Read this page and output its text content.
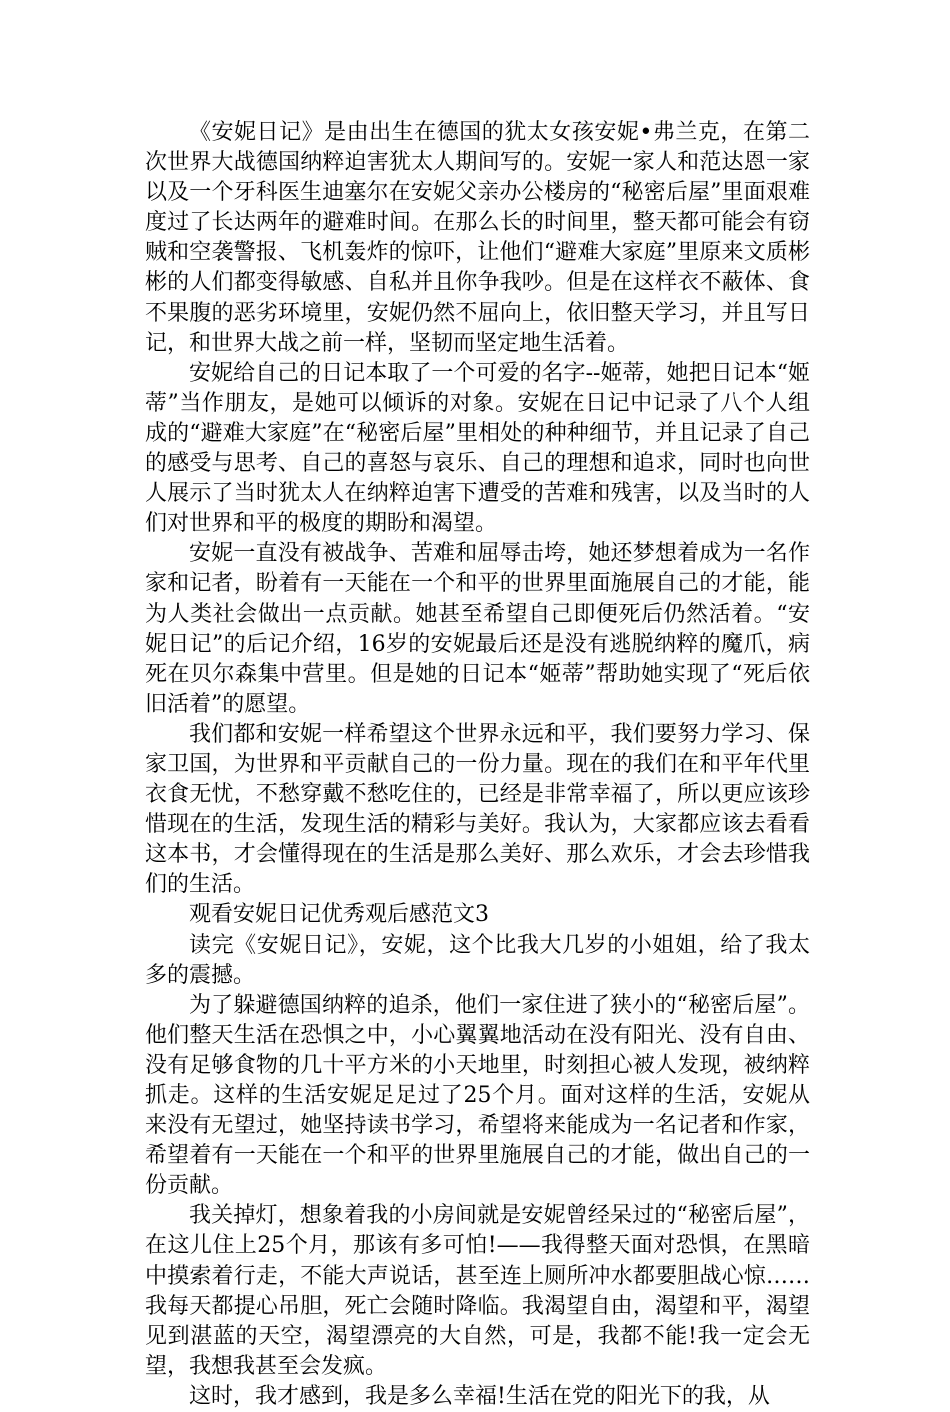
《安妮日记》是由出生在德国的犹太女孩安妮•弗兰克，在第二次世界大战德国纳粹迫害犹太人期间写的。安妮一家人和范达恩一家以及一个牙科医生迪塞尔在安妮父亲办公楼房的“秘密后屋”里面艰难度过了长达两年的避难时间。在那么长的时间里，整天都可能会有窃贼和空袭警报、飞机轰炸的惊吓，让他们“避难大家庭”里原来文质彬彬的人们都变得敏感、自私并且你争我吵。但是在这样衣不蔽体、食不果腹的恶劣环境里，安妮仍然不屈向上，依旧整天学习，并且写日记，和世界大战之前一样，坚韧而坚定地生活着。

安妮给自己的日记本取了一个可爱的名字--姬蒂，她把日记本“姬蒂”当作朋友，是她可以倾诉的对象。安妮在日记中记录了八个人组成的“避难大家庭”在“秘密后屋”里相处的种种细节，并且记录了自己的感受与思考、自己的喜怒与哀乐、自己的理想和追求，同时也向世人展示了当时犹太人在纳粹迫害下遭受的苦难和残害，以及当时的人们对世界和平的极度的期盼和渴望。

安妮一直没有被战争、苦难和屈辱击垮，她还梦想着成为一名作家和记者，盼着有一天能在一个和平的世界里面施展自己的才能，能为人类社会做出一点贡献。她甚至希望自己即便死后仍然活着。“安妮日记”的后记介绍，16岁的安妮最后还是没有逃脱纳粹的魔爪，病死在贝尔森集中营里。但是她的日记本“姬蒂”帮助她实现了“死后依旧活着”的愿望。

我们都和安妮一样希望这个世界永远和平，我们要努力学习、保家卫国，为世界和平贡献自己的一份力量。现在的我们在和平年代里衣食无忧，不愁穿戴不愁吃住的，已经是非常幸福了，所以更应该珍惜现在的生活，发现生活的精彩与美好。我认为，大家都应该去看看这本书，才会懂得现在的生活是那么美好、那么欢乐，才会去珍惜我们的生活。

观看安妮日记优秀观后感范文3

读完《安妮日记》，安妮，这个比我大几岁的小姐姐，给了我太多的震撼。

为了躲避德国纳粹的追杀，他们一家住进了狭小的“秘密后屋”。他们整天生活在恐惧之中，小心翼翼地活动在没有阳光、没有自由、没有足够食物的几十平方米的小天地里，时刻担心被人发现，被纳粹抓走。这样的生活安妮足足过了25个月。面对这样的生活，安妮从来没有无望过，她坚持读书学习，希望将来能成为一名记者和作家，希望着有一天能在一个和平的世界里施展自己的才能，做出自己的一份贡献。

我关掉灯，想象着我的小房间就是安妮曾经呆过的“秘密后屋”，在这儿住上25个月，那该有多可怕!——我得整天面对恐惧，在黑暗中摸索着行走，不能大声说话，甚至连上厕所冲水都要胆战心惊……我每天都提心吊胆，死亡会随时降临。我渴望自由，渴望和平，渴望见到湛蓝的天空，渴望漂亮的大自然，可是，我都不能!我一定会无望，我想我甚至会发疯。

这时，我才感到，我是多么幸福!生活在党的阳光下的我，从
